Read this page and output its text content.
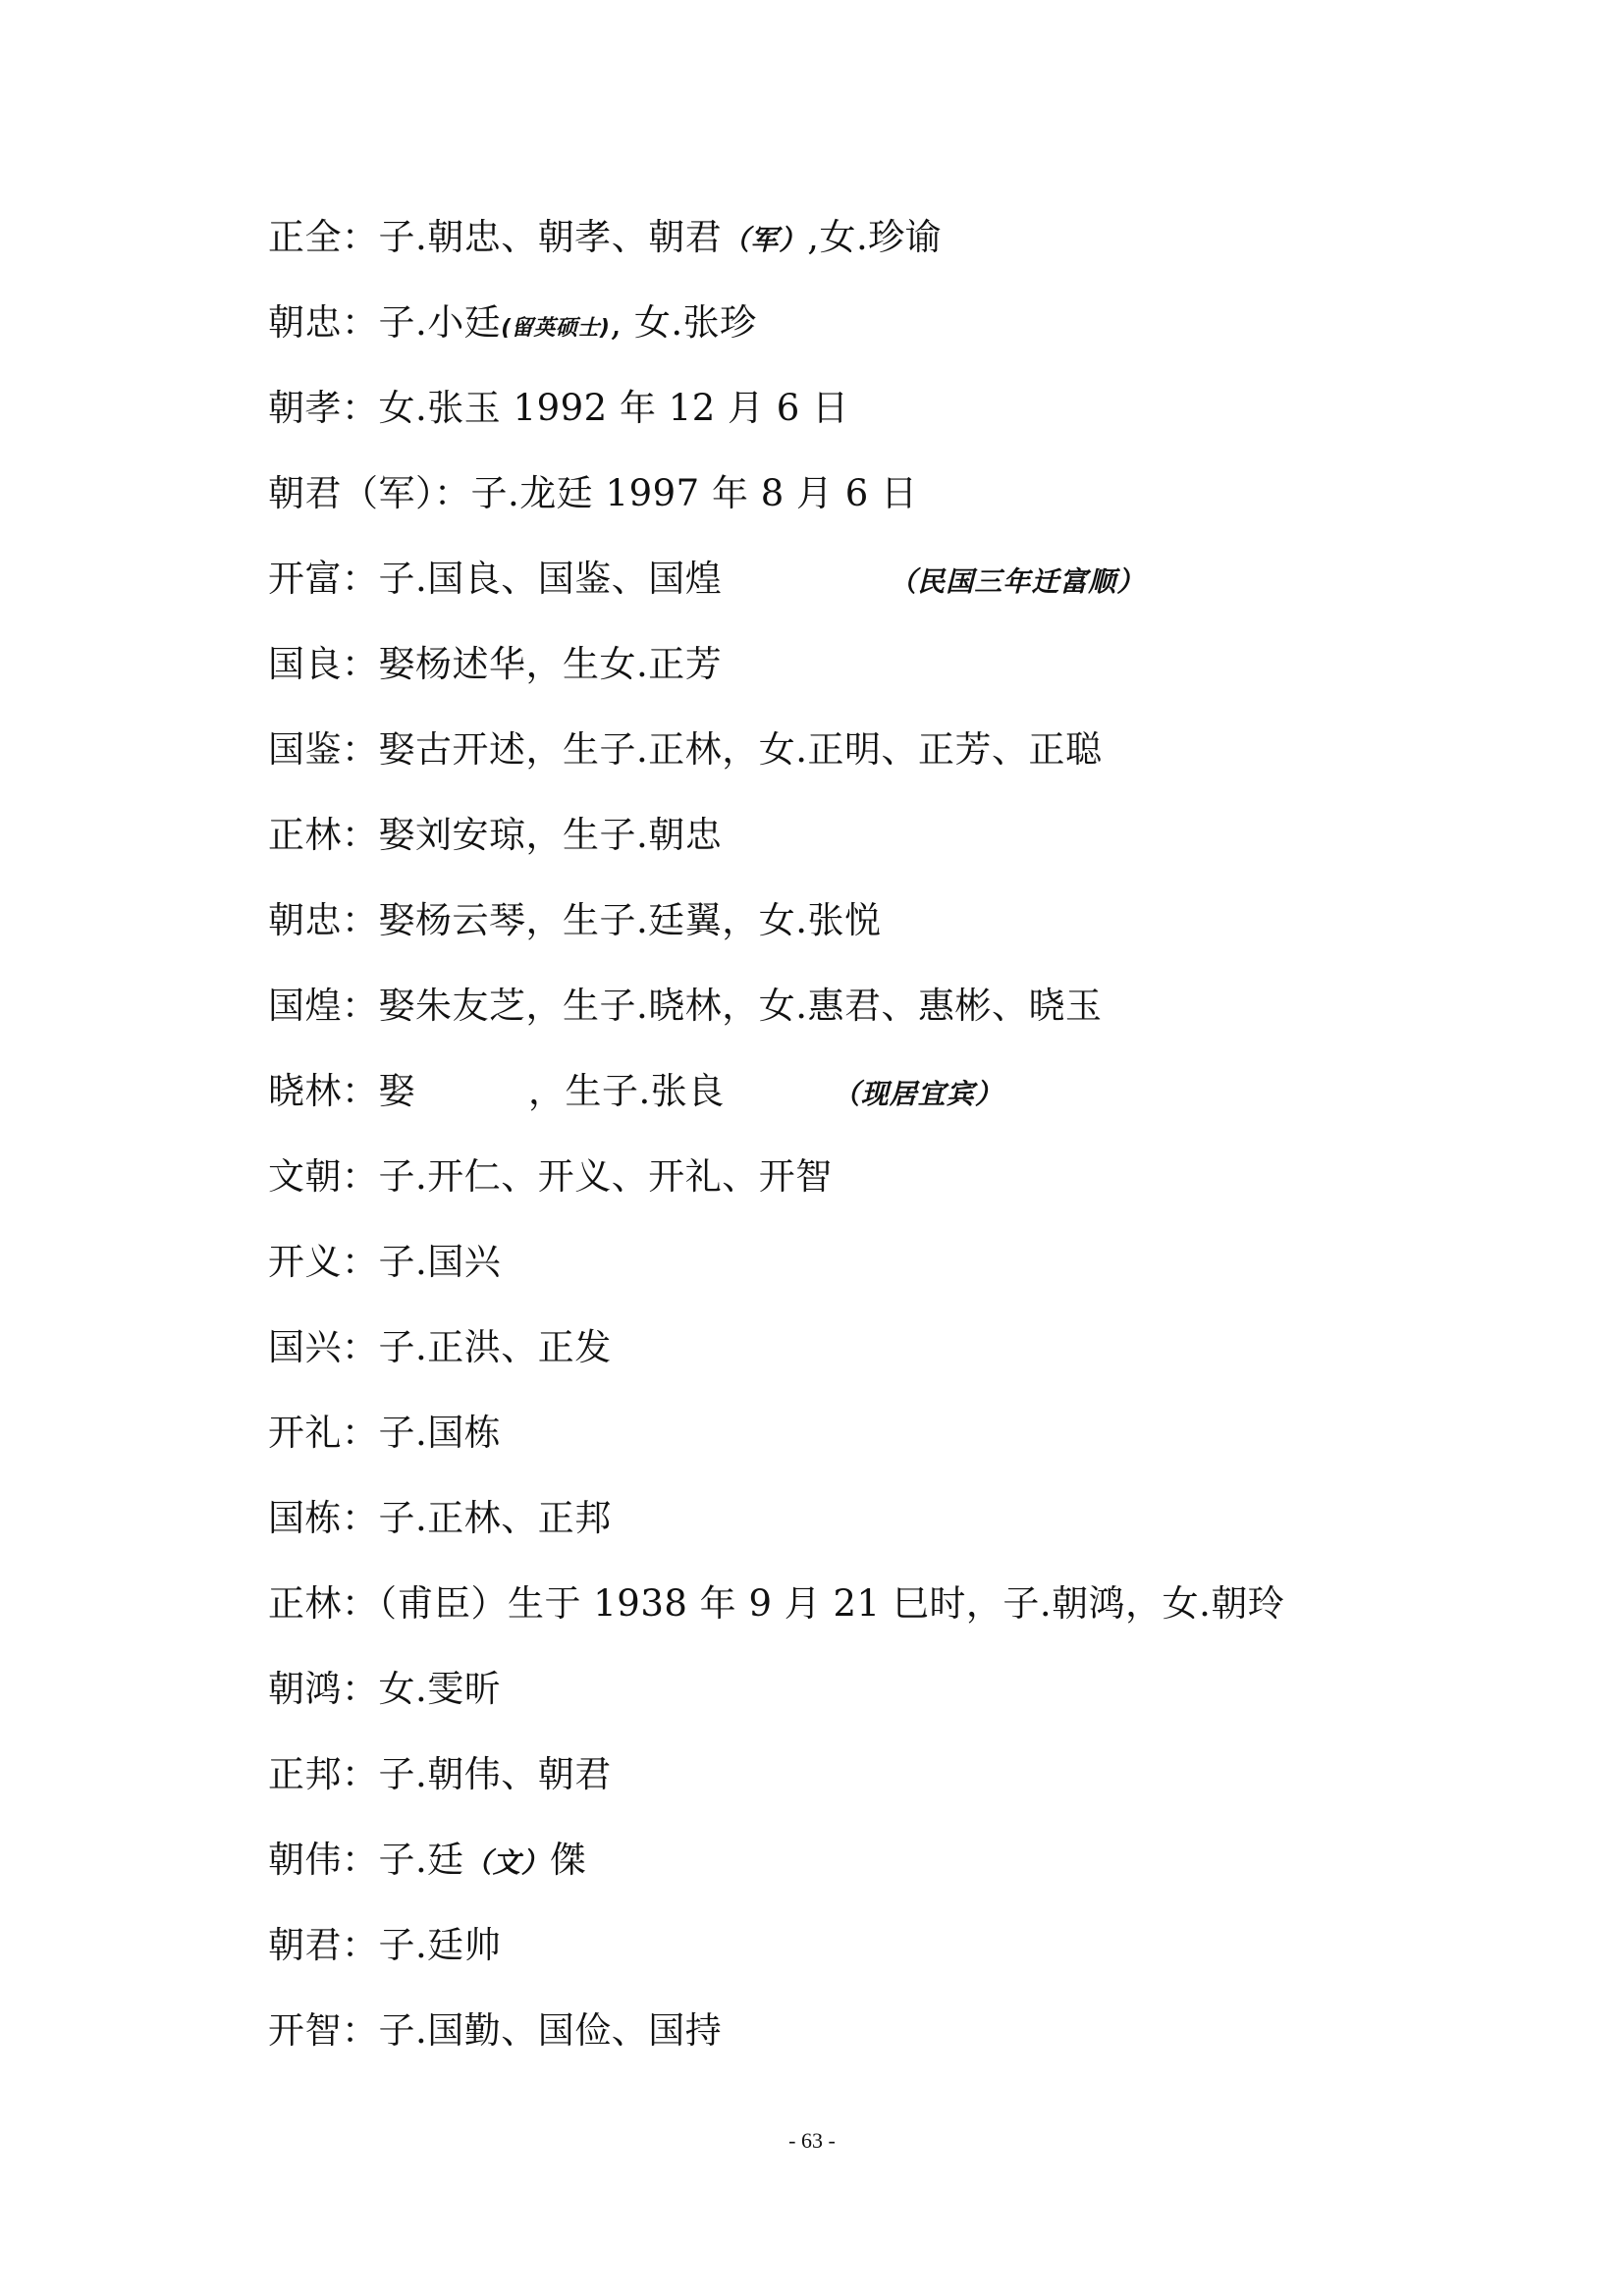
正全：子.朝忠、朝孝、朝君（军）,女.珍谕
朝忠：子.小廷(留英硕士), 女.张珍
朝孝：女.张玉 1992 年 12 月 6 日
朝君（军）：子.龙廷 1997 年 8 月 6 日
开富：子.国良、国鉴、国煌	（民国三年迁富顺）
国良：娶杨述华，生女.正芳
国鉴：娶古开述，生子.正林，女.正明、正芳、正聪
正林：娶刘安琼，生子.朝忠
朝忠：娶杨云琴，生子.廷翼，女.张悦
国煌：娶朱友芝，生子.晓林，女.惠君、惠彬、晓玉
晓林：娶	，生子.张良	（现居宜宾）
文朝：子.开仁、开义、开礼、开智
开义：子.国兴
国兴：子.正洪、正发
开礼：子.国栋
国栋：子.正林、正邦
正林：（甫臣）生于 1938 年 9 月 21 巳时，子.朝鸿，女.朝玲
朝鸿：女.雯昕
正邦：子.朝伟、朝君
朝伟：子.廷（文）傑
朝君：子.廷帅
开智：子.国勤、国俭、国持
- 63 -
